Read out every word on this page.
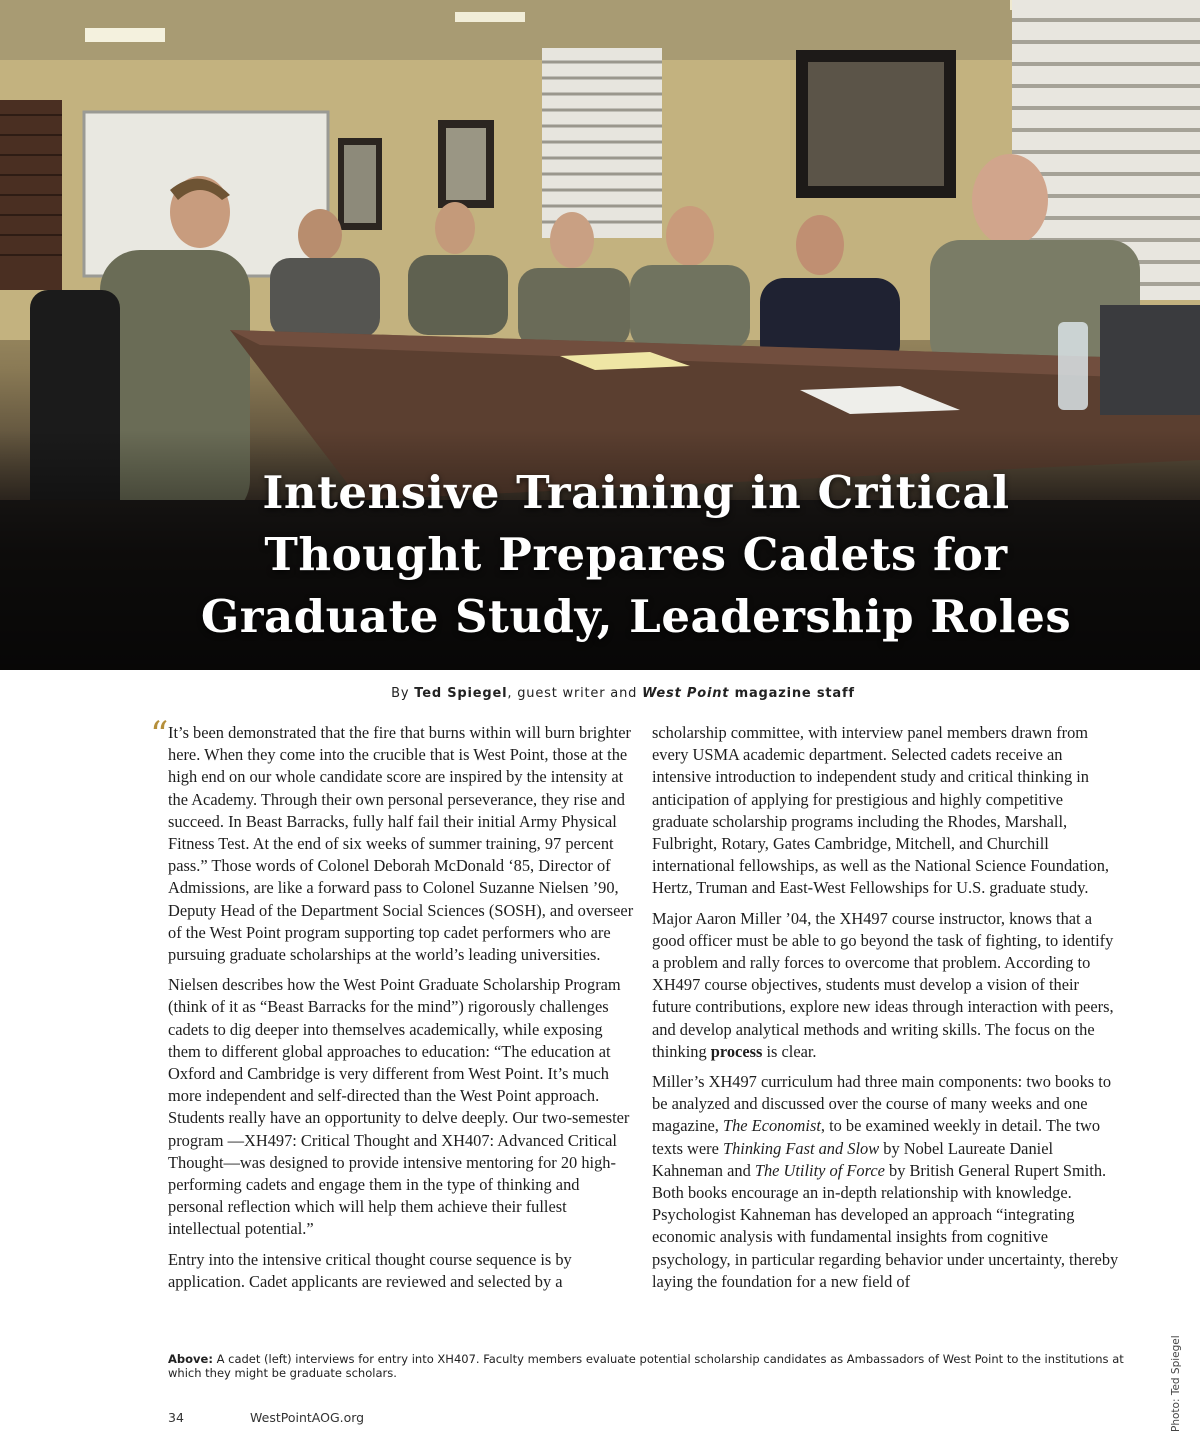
Intensive Training in Critical
Thought Prepares Cadets for
Graduate Study, Leadership Roles
By Ted Spiegel, guest writer and West Point magazine staff
“ It’s been demonstrated that the fire that burns within will burn brighter here. When they come into the crucible that is West Point, those at the high end on our whole candidate score are inspired by the intensity at the Academy. Through their own personal perseverance, they rise and succeed. In Beast Barracks, fully half fail their initial Army Physical Fitness Test. At the end of six weeks of summer training, 97 percent pass.” Those words of Colonel Deborah McDonald ‘85, Director of Admissions, are like a forward pass to Colonel Suzanne Nielsen ’90, Deputy Head of the Department Social Sciences (SOSH), and overseer of the West Point program supporting top cadet performers who are pursuing graduate scholarships at the world’s leading universities.

Nielsen describes how the West Point Graduate Scholarship Program (think of it as “Beast Barracks for the mind”) rigorously challenges cadets to dig deeper into themselves academically, while exposing them to different global approaches to education: “The education at Oxford and Cambridge is very different from West Point. It’s much more independent and self-directed than the West Point approach. Students really have an opportunity to delve deeply. Our two-semester program —XH497: Critical Thought and XH407: Advanced Critical Thought—was designed to provide intensive mentoring for 20 high-performing cadets and engage them in the type of thinking and personal reflection which will help them achieve their fullest intellectual potential.”

Entry into the intensive critical thought course sequence is by application. Cadet applicants are reviewed and selected by a

scholarship committee, with interview panel members drawn from every USMA academic department. Selected cadets receive an intensive introduction to independent study and critical thinking in anticipation of applying for prestigious and highly competitive graduate scholarship programs including the Rhodes, Marshall, Fulbright, Rotary, Gates Cambridge, Mitchell, and Churchill international fellowships, as well as the National Science Foundation, Hertz, Truman and East-West Fellowships for U.S. graduate study.

Major Aaron Miller ’04, the XH497 course instructor, knows that a good officer must be able to go beyond the task of fighting, to identify a problem and rally forces to overcome that problem. According to XH497 course objectives, students must develop a vision of their future contributions, explore new ideas through interaction with peers, and develop analytical methods and writing skills. The focus on the thinking process is clear.

Miller’s XH497 curriculum had three main components: two books to be analyzed and discussed over the course of many weeks and one magazine, The Economist, to be examined weekly in detail. The two texts were Thinking Fast and Slow by Nobel Laureate Daniel Kahneman and The Utility of Force by British General Rupert Smith. Both books encourage an in-depth relationship with knowledge. Psychologist Kahneman has developed an approach “integrating economic analysis with fundamental insights from cognitive psychology, in particular regarding behavior under uncertainty, thereby laying the foundation for a new field of

Above: A cadet (left) interviews for entry into XH407. Faculty members evaluate potential scholarship candidates as Ambassadors of West Point to the institutions at which they might be graduate scholars.	Photo: Ted Spiegel
34	WestPointAOG.org
